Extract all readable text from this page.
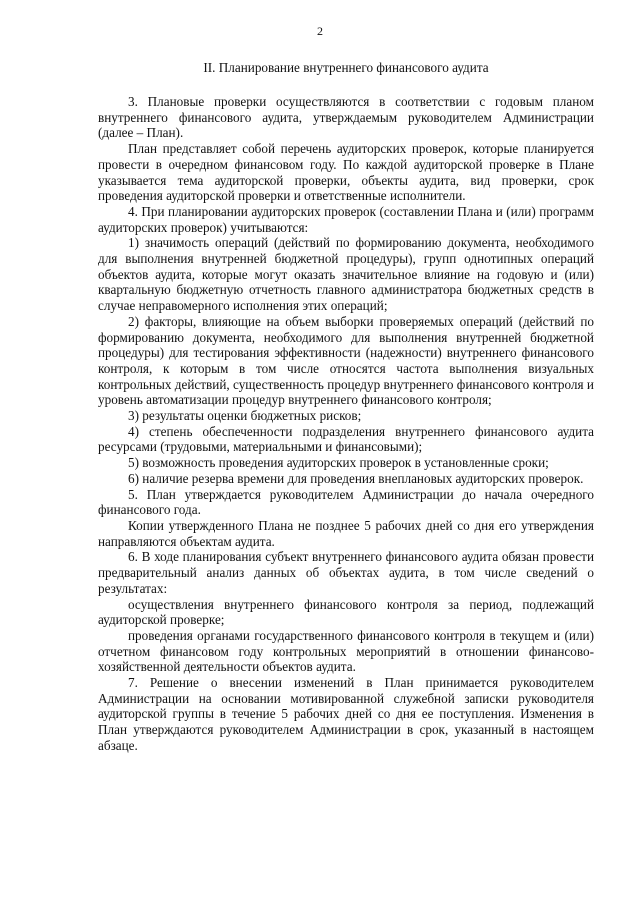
2
II. Планирование внутреннего финансового аудита

3. Плановые проверки осуществляются в соответствии с годовым планом внутреннего финансового аудита, утверждаемым руководителем Администрации (далее – План).

План представляет собой перечень аудиторских проверок, которые планируется провести в очередном финансовом году. По каждой аудиторской проверке в Плане указывается тема аудиторской проверки, объекты аудита, вид проверки, срок проведения аудиторской проверки и ответственные исполнители.

4. При планировании аудиторских проверок (составлении Плана и (или) программ аудиторских проверок) учитываются:

1) значимость операций (действий по формированию документа, необходимого для выполнения внутренней бюджетной процедуры), групп однотипных операций объектов аудита, которые могут оказать значительное влияние на годовую и (или) квартальную бюджетную отчетность главного администратора бюджетных средств в случае неправомерного исполнения этих операций;

2) факторы, влияющие на объем выборки проверяемых операций (действий по формированию документа, необходимого для выполнения внутренней бюджетной процедуры) для тестирования эффективности (надежности) внутреннего финансового контроля, к которым в том числе относятся частота выполнения визуальных контрольных действий, существенность процедур внутреннего финансового контроля и уровень автоматизации процедур внутреннего финансового контроля;

3) результаты оценки бюджетных рисков;

4) степень обеспеченности подразделения внутреннего финансового аудита ресурсами (трудовыми, материальными и финансовыми);

5) возможность проведения аудиторских проверок в установленные сроки;

6) наличие резерва времени для проведения внеплановых аудиторских проверок.

5. План утверждается руководителем Администрации до начала очередного финансового года.

Копии утвержденного Плана не позднее 5 рабочих дней со дня его утверждения направляются объектам аудита.

6. В ходе планирования субъект внутреннего финансового аудита обязан провести предварительный анализ данных об объектах аудита, в том числе сведений о результатах:

осуществления внутреннего финансового контроля за период, подлежащий аудиторской проверке;

проведения органами государственного финансового контроля в текущем и (или) отчетном финансовом году контрольных мероприятий в отношении финансово-хозяйственной деятельности объектов аудита.

7. Решение о внесении изменений в План принимается руководителем Администрации на основании мотивированной служебной записки руководителя аудиторской группы в течение 5 рабочих дней со дня ее поступления. Изменения в План утверждаются руководителем Администрации в срок, указанный в настоящем абзаце.
